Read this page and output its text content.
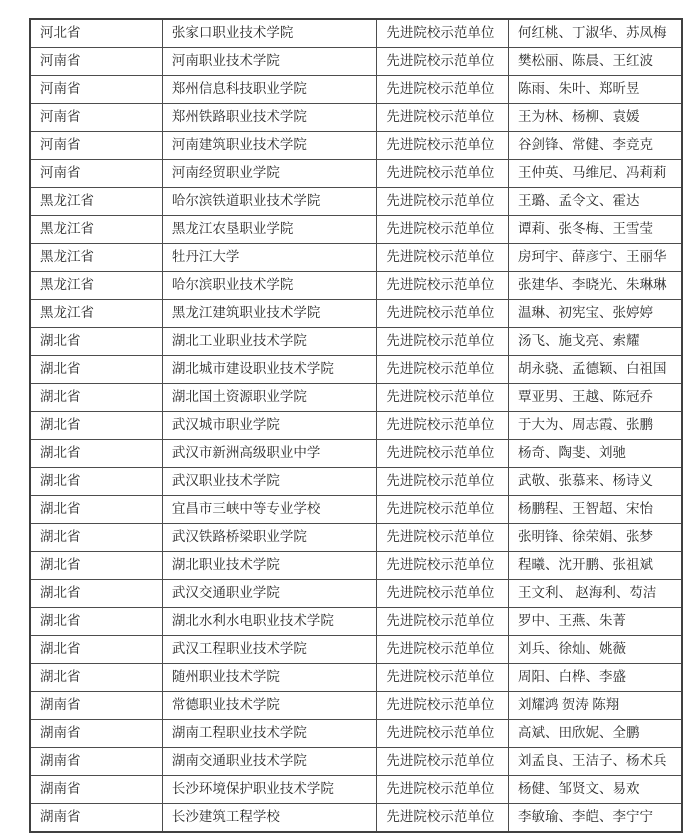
河北省	张家口职业技术学院	先进院校示范单位	何红桃、丁淑华、苏凤梅
河南省	河南职业技术学院	先进院校示范单位	樊松丽、陈晨、王红波
河南省	郑州信息科技职业学院	先进院校示范单位	陈雨、朱叶、郑昕昱
河南省	郑州铁路职业技术学院	先进院校示范单位	王为林、杨柳、袁媛
河南省	河南建筑职业技术学院	先进院校示范单位	谷剑锋、常健、李竞克
河南省	河南经贸职业学院	先进院校示范单位	王仲英、马维尼、冯莉莉
黑龙江省	哈尔滨铁道职业技术学院	先进院校示范单位	王璐、孟令文、霍达
黑龙江省	黑龙江农垦职业学院	先进院校示范单位	谭莉、张冬梅、王雪莹
黑龙江省	牡丹江大学	先进院校示范单位	房珂宇、薛彦宁、王丽华
黑龙江省	哈尔滨职业技术学院	先进院校示范单位	张建华、李晓光、朱琳琳
黑龙江省	黑龙江建筑职业技术学院	先进院校示范单位	温琳、初宪宝、张婷婷
湖北省	湖北工业职业技术学院	先进院校示范单位	汤飞、施戈亮、索耀
湖北省	湖北城市建设职业技术学院	先进院校示范单位	胡永骁、孟德颖、白祖国
湖北省	湖北国土资源职业学院	先进院校示范单位	覃亚男、王越、陈冠乔
湖北省	武汉城市职业学院	先进院校示范单位	于大为、周志霞、张鹏
湖北省	武汉市新洲高级职业中学	先进院校示范单位	杨奇、陶斐、刘驰
湖北省	武汉职业技术学院	先进院校示范单位	武敬、张慕来、杨诗义
湖北省	宜昌市三峡中等专业学校	先进院校示范单位	杨鹏程、王智超、宋怡
湖北省	武汉铁路桥梁职业学院	先进院校示范单位	张明锋、徐荣娟、张梦
湖北省	湖北职业技术学院	先进院校示范单位	程曦、沈开鹏、张祖斌
湖北省	武汉交通职业学院	先进院校示范单位	王文利、 赵海利、芶洁
湖北省	湖北水利水电职业技术学院	先进院校示范单位	罗中、王燕、朱菁
湖北省	武汉工程职业技术学院	先进院校示范单位	刘兵、徐灿、姚薇
湖北省	随州职业技术学院	先进院校示范单位	周阳、白桦、李盛
湖南省	常德职业技术学院	先进院校示范单位	刘耀鸿 贺涛 陈翔
湖南省	湖南工程职业技术学院	先进院校示范单位	高斌、田欣妮、全鹏
湖南省	湖南交通职业技术学院	先进院校示范单位	刘孟良、王洁子、杨术兵
湖南省	长沙环境保护职业技术学院	先进院校示范单位	杨健、邹贤文、易欢
湖南省	长沙建筑工程学校	先进院校示范单位	李敏瑜、李皑、李宁宁
